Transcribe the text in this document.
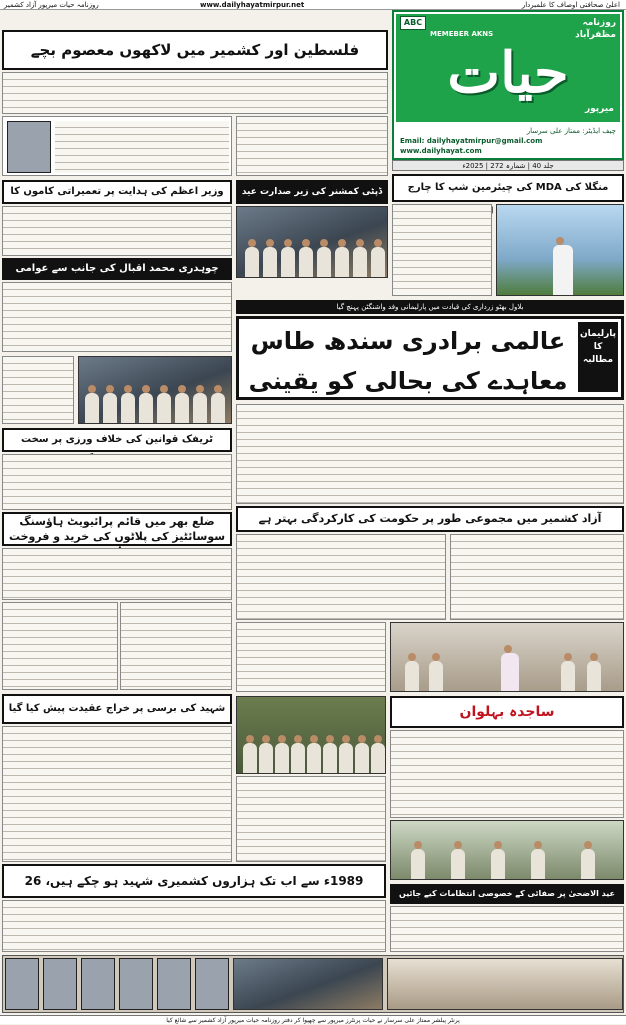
اعلیٰ صحافتی اوصاف کا علمبردار
www.dailyhayatmirpur.net
روزنامہ حیات میرپور آزاد کشمیر
ABC	روزنامہ
مظفرآباد
MEMEBER AKNS
حیات
میرپور
چیف ایڈیٹر: ممتاز علی سرسار
Email: dailyhayatmirpur@gmail.com
www.dailyhayat.com
جلد 40 | شمارہ 272 | 2025ء
فلسطین اور کشمیر میں لاکھوں معصوم بچے
ڈپٹی کمشنر کی زیر صدارت عید
وزیر اعظم کی ہدایت پر تعمیراتی کاموں کا
چوہدری محمد اقبال کی جانب سے عوامی
منگلا کی MDA کی چیئرمین شپ کا چارج
بلاول بھٹو زرداری کی قیادت میں پارلیمانی وفد واشنگٹن پہنچ گیا
عالمی برادری سندھ طاس معاہدے کی بحالی کو یقینی
پارلیمان کا مطالبہ
ٹریفک قوانین کی خلاف ورزی پر سخت
آزاد کشمیر میں مجموعی طور پر حکومت کی کارکردگی بہتر ہے
ضلع بھر میں قائم پرائیویٹ ہاؤسنگ سوسائٹیز کی پلاٹوں کی خرید و فروخت
شہید کی برسی پر خراج عقیدت پیش کیا گیا	ساجدہ بہلوان
1989ء سے اب تک ہزاروں کشمیری شہید ہو چکے ہیں، 26
عید الاضحیٰ پر صفائی کے خصوصی انتظامات کیے جائیں
پرنٹر پبلشر ممتاز علی سرسار نے حیات پرنٹرز میرپور سے چھپوا کر دفتر روزنامہ حیات میرپور آزاد کشمیر سے شائع کیا
